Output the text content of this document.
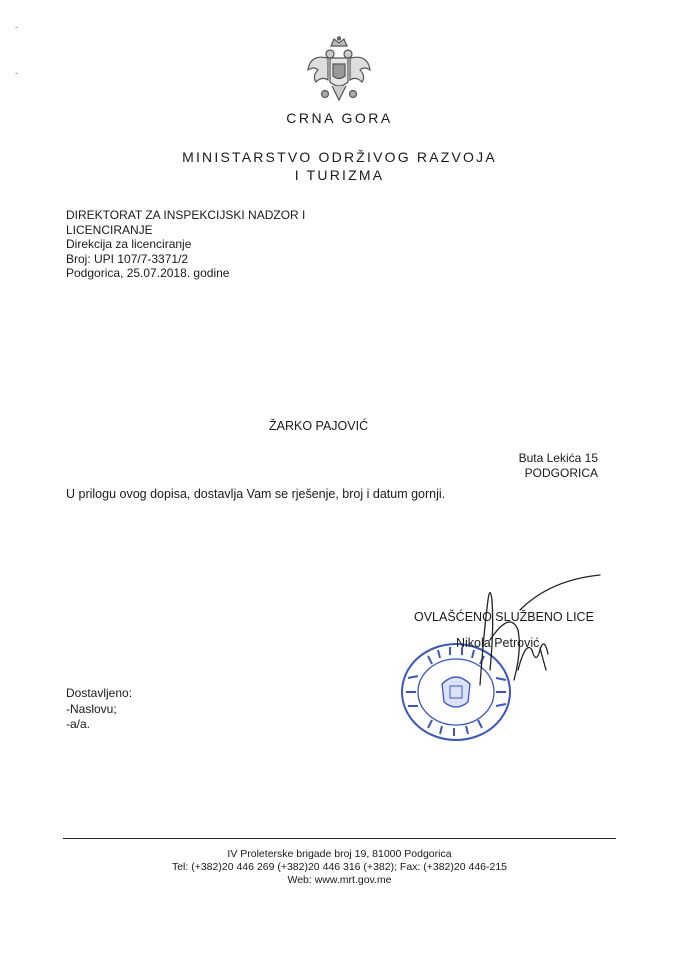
-
-
CRNA GORA
MINISTARSTVO ODRŽIVOG RAZVOJA
I TURIZMA
DIREKTORAT ZA INSPEKCIJSKI NADZOR I
LICENCIRANJE
Direkcija za licenciranje
Broj: UPI 107/7-3371/2
Podgorica, 25.07.2018. godine
ŽARKO PAJOVIĆ
Buta Lekića 15
PODGORICA
U prilogu ovog dopisa, dostavlja Vam se rješenje, broj i datum gornji.
OVLAŠĆENO SLUŽBENO LICE
Nikola Petrović
Dostavljeno:
-Naslovu;
-a/a.
IV Proleterske brigade broj 19, 81000 Podgorica
Tel: (+382)20 446 269 (+382)20 446 316 (+382); Fax: (+382)20 446-215
Web: www.mrt.gov.me
